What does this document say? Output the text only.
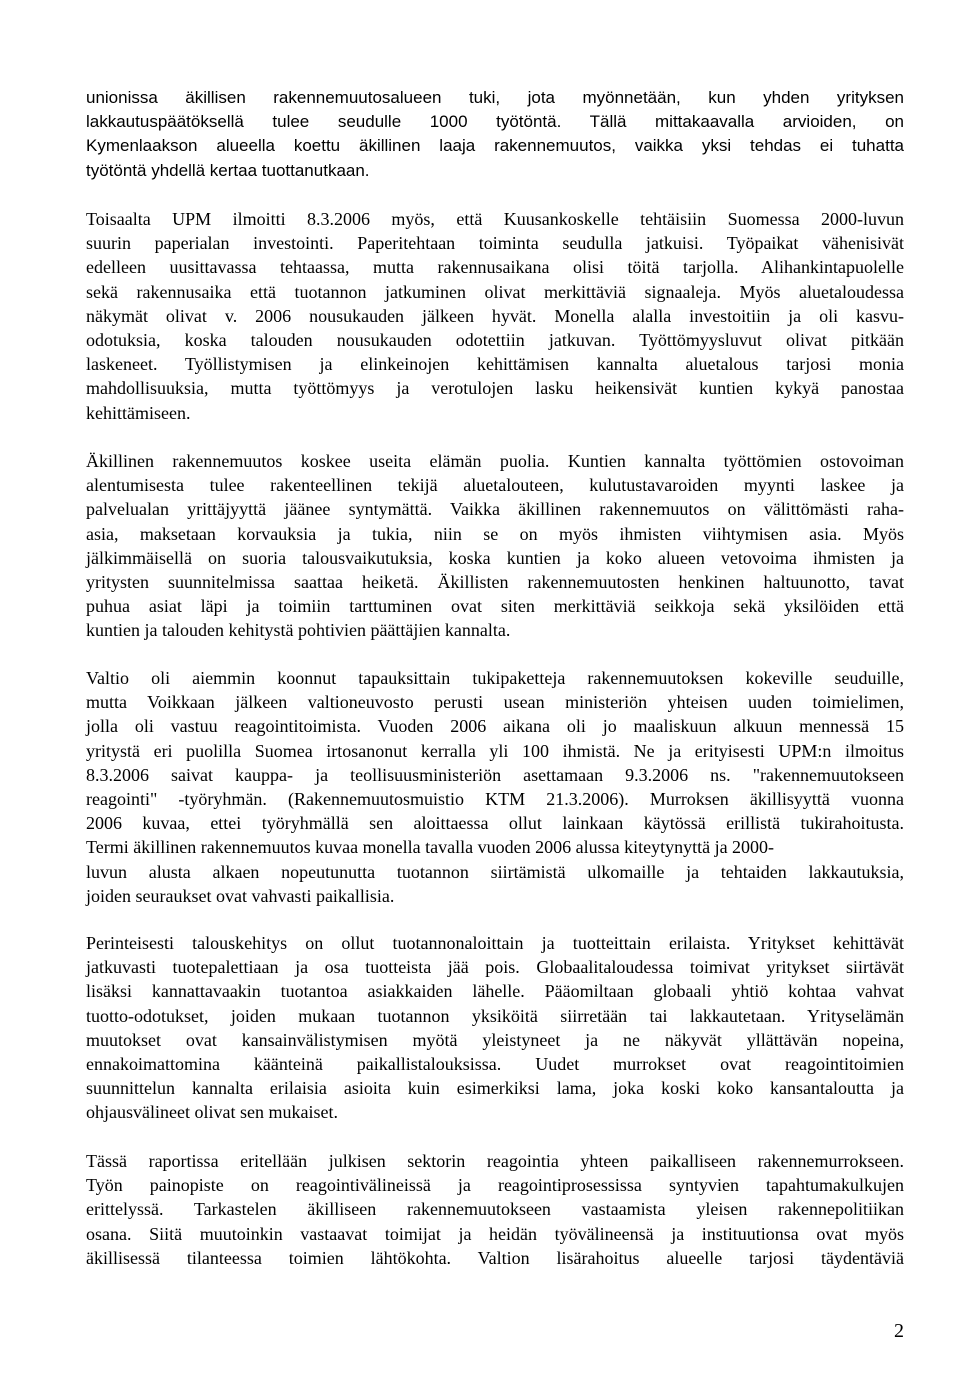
unionissa äkillisen rakennemuutosalueen tuki, jota myönnetään, kun yhden yrityksen
lakkautuspäätöksellä tulee seudulle 1000 työtöntä. Tällä mittakaavalla arvioiden, on
Kymenlaakson alueella koettu äkillinen laaja rakennemuutos, vaikka yksi tehdas ei tuhatta
työtöntä yhdellä kertaa tuottanutkaan.

Toisaalta UPM ilmoitti 8.3.2006 myös, että Kuusankoskelle tehtäisiin Suomessa 2000-luvun
suurin paperialan investointi. Paperitehtaan toiminta seudulla jatkuisi. Työpaikat vähenisivät
edelleen uusittavassa tehtaassa, mutta rakennusaikana olisi töitä tarjolla. Alihankintapuolelle
sekä rakennusaika että tuotannon jatkuminen olivat merkittäviä signaaleja. Myös aluetaloudessa
näkymät olivat v. 2006 nousukauden jälkeen hyvät. Monella alalla investoitiin ja oli kasvu-
odotuksia, koska talouden nousukauden odotettiin jatkuvan. Työttömyysluvut olivat pitkään
laskeneet. Työllistymisen ja elinkeinojen kehittämisen kannalta aluetalous tarjosi monia
mahdollisuuksia, mutta työttömyys ja verotulojen lasku heikensivät kuntien kykyä panostaa
kehittämiseen.

Äkillinen rakennemuutos koskee useita elämän puolia. Kuntien kannalta työttömien ostovoiman
alentumisesta tulee rakenteellinen tekijä aluetalouteen, kulutustavaroiden myynti laskee ja
palvelualan yrittäjyyttä jäänee syntymättä. Vaikka äkillinen rakennemuutos on välittömästi raha-
asia, maksetaan korvauksia ja tukia, niin se on myös ihmisten viihtymisen asia. Myös
jälkimmäisellä on suoria talousvaikutuksia, koska kuntien ja koko alueen vetovoima ihmisten ja
yritysten suunnitelmissa saattaa heiketä. Äkillisten rakennemuutosten henkinen haltuunotto, tavat
puhua asiat läpi ja toimiin tarttuminen ovat siten merkittäviä seikkoja sekä yksilöiden että
kuntien ja talouden kehitystä pohtivien päättäjien kannalta.

Valtio oli aiemmin koonnut tapauksittain tukipaketteja rakennemuutoksen kokeville seuduille,
mutta Voikkaan jälkeen valtioneuvosto perusti usean ministeriön yhteisen uuden toimielimen,
jolla oli vastuu reagointitoimista. Vuoden 2006 aikana oli jo maaliskuun alkuun mennessä 15
yritystä eri puolilla Suomea irtosanonut kerralla yli 100 ihmistä. Ne ja erityisesti UPM:n ilmoitus
8.3.2006 saivat kauppa- ja teollisuusministeriön asettamaan 9.3.2006 ns. "rakennemuutokseen
reagointi" -työryhmän. (Rakennemuutosmuistio KTM 21.3.2006). Murroksen äkillisyyttä vuonna
2006 kuvaa, ettei työryhmällä sen aloittaessa ollut lainkaan käytössä erillistä tukirahoitusta.
Termi äkillinen rakennemuutos kuvaa monella tavalla vuoden 2006 alussa kiteytynyttä ja 2000-
luvun alusta alkaen nopeutunutta tuotannon siirtämistä ulkomaille ja tehtaiden lakkautuksia,
joiden seuraukset ovat vahvasti paikallisia.

Perinteisesti talouskehitys on ollut tuotannonaloittain ja tuotteittain erilaista. Yritykset kehittävät
jatkuvasti tuotepalettiaan ja osa tuotteista jää pois. Globaalitaloudessa toimivat yritykset siirtävät
lisäksi kannattavaakin tuotantoa asiakkaiden lähelle. Pääomiltaan globaali yhtiö kohtaa vahvat
tuotto-odotukset, joiden mukaan tuotannon yksiköitä siirretään tai lakkautetaan. Yrityselämän
muutokset ovat kansainvälistymisen myötä yleistyneet ja ne näkyvät yllättävän nopeina,
ennakoimattomina käänteinä paikallistalouksissa. Uudet murrokset ovat reagointitoimien
suunnittelun kannalta erilaisia asioita kuin esimerkiksi lama, joka koski koko kansantaloutta ja
ohjausvälineet olivat sen mukaiset.

Tässä raportissa eritellään julkisen sektorin reagointia yhteen paikalliseen rakennemurrokseen.
Työn painopiste on reagointivälineissä ja reagointiprosessissa syntyvien tapahtumakulkujen
erittelyssä. Tarkastelen äkilliseen rakennemuutokseen vastaamista yleisen rakennepolitiikan
osana. Siitä muutoinkin vastaavat toimijat ja heidän työvälineensä ja instituutionsa ovat myös
äkillisessä tilanteessa toimien lähtökohta. Valtion lisärahoitus alueelle tarjosi täydentäviä

2
